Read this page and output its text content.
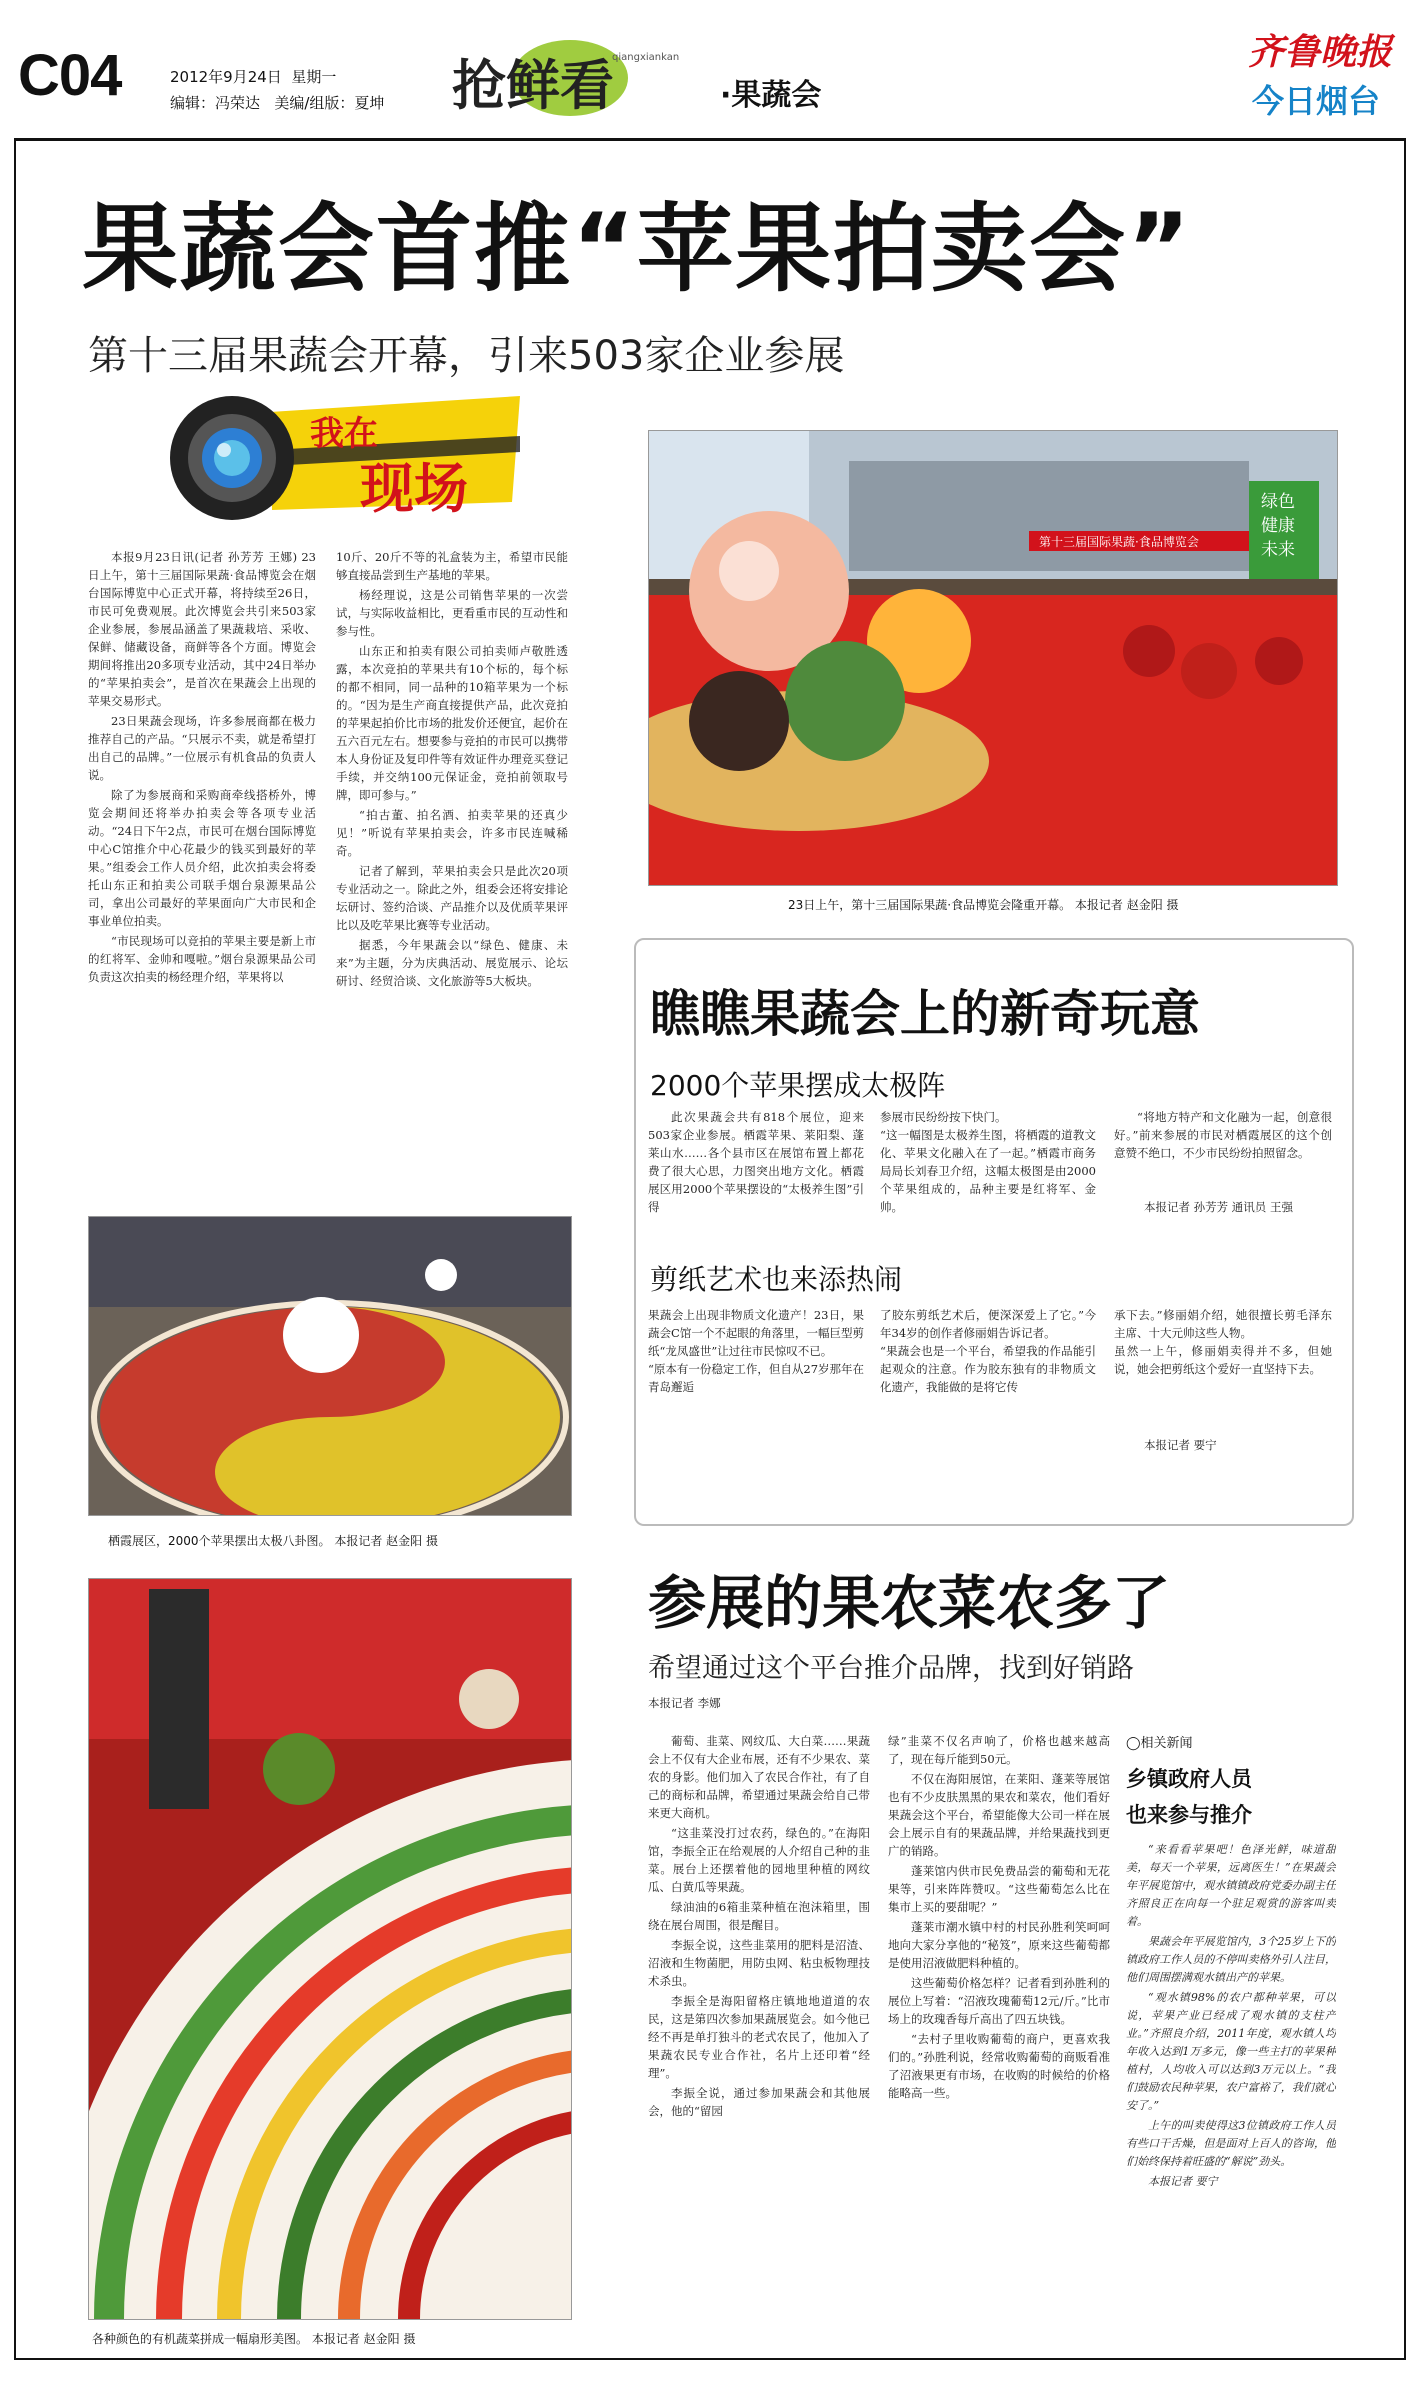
C04	2012年9月24日 星期一
编辑：冯荣达 美编/组版：夏坤 抢鲜看
qiangxiankan
·果蔬会
齐鲁晚报
今日烟台
果蔬会首推“苹果拍卖会”
第十三届果蔬会开幕，引来503家企业参展
我在
现场

本报9月23日讯(记者 孙芳芳 王娜) 23日上午，第十三届国际果蔬·食品博览会在烟台国际博览中心正式开幕，将持续至26日，市民可免费观展。此次博览会共引来503家企业参展，参展品涵盖了果蔬栽培、采收、保鲜、储藏设备，商鲜等各个方面。博览会期间将推出20多项专业活动，其中24日举办的“苹果拍卖会”，是首次在果蔬会上出现的苹果交易形式。

23日果蔬会现场，许多参展商都在极力推荐自己的产品。“只展示不卖，就是希望打出自己的品牌。”一位展示有机食品的负责人说。

除了为参展商和采购商牵线搭桥外，博览会期间还将举办拍卖会等各项专业活动。“24日下午2点，市民可在烟台国际博览中心C馆推介中心花最少的钱买到最好的苹果。”组委会工作人员介绍，此次拍卖会将委托山东正和拍卖公司联手烟台泉源果品公司，拿出公司最好的苹果面向广大市民和企事业单位拍卖。

“市民现场可以竞拍的苹果主要是新上市的红将军、金帅和嘎啦。”烟台泉源果品公司负责这次拍卖的杨经理介绍，苹果将以

10斤、20斤不等的礼盒装为主，希望市民能够直接品尝到生产基地的苹果。

杨经理说，这是公司销售苹果的一次尝试，与实际收益相比，更看重市民的互动性和参与性。

山东正和拍卖有限公司拍卖师卢敬胜透露，本次竞拍的苹果共有10个标的，每个标的都不相同，同一品种的10箱苹果为一个标的。“因为是生产商直接提供产品，此次竞拍的苹果起拍价比市场的批发价还便宜，起价在五六百元左右。想要参与竞拍的市民可以携带本人身份证及复印件等有效证件办理竞买登记手续，并交纳100元保证金，竞拍前领取号牌，即可参与。”

“拍古董、拍名酒、拍卖苹果的还真少见！”听说有苹果拍卖会，许多市民连喊稀奇。

记者了解到，苹果拍卖会只是此次20项专业活动之一。除此之外，组委会还将安排论坛研讨、签约洽谈、产品推介以及优质苹果评比以及吃苹果比赛等专业活动。

据悉，今年果蔬会以“绿色、健康、未来”为主题，分为庆典活动、展览展示、论坛研讨、经贸洽谈、文化旅游等5大板块。

第十三届国际果蔬·食品博览会
绿色
健康
未来
23日上午，第十三届国际果蔬·食品博览会隆重开幕。 本报记者 赵金阳 摄
瞧瞧果蔬会上的新奇玩意
2000个苹果摆成太极阵
此次果蔬会共有818个展位，迎来503家企业参展。栖霞苹果、莱阳梨、蓬莱山水……各个县市区在展馆布置上都花费了很大心思，力图突出地方文化。栖霞展区用2000个苹果摆设的“太极养生图”引得
参展市民纷纷按下快门。
“这一幅图是太极养生图，将栖霞的道教文化、苹果文化融入在了一起。”栖霞市商务局局长刘春卫介绍，这幅太极图是由2000个苹果组成的，品种主要是红将军、金帅。
“将地方特产和文化融为一起，创意很好。”前来参展的市民对栖霞展区的这个创意赞不绝口，不少市民纷纷拍照留念。
本报记者 孙芳芳 通讯员 王强
剪纸艺术也来添热闹
果蔬会上出现非物质文化遗产！23日，果蔬会C馆一个不起眼的角落里，一幅巨型剪纸“龙凤盛世”让过往市民惊叹不已。
“原本有一份稳定工作，但自从27岁那年在青岛邂逅
了胶东剪纸艺术后，便深深爱上了它。”今年34岁的创作者修丽娟告诉记者。
“果蔬会也是一个平台，希望我的作品能引起观众的注意。作为胶东独有的非物质文化遗产，我能做的是将它传
承下去。”修丽娟介绍，她很擅长剪毛泽东主席、十大元帅这些人物。
虽然一上午，修丽娟卖得并不多，但她说，她会把剪纸这个爱好一直坚持下去。
本报记者 要宁
栖霞展区，2000个苹果摆出太极八卦图。 本报记者 赵金阳 摄
各种颜色的有机蔬菜拼成一幅扇形美图。 本报记者 赵金阳 摄
参展的果农菜农多了
希望通过这个平台推介品牌，找到好销路
本报记者 李娜

葡萄、韭菜、网纹瓜、大白菜……果蔬会上不仅有大企业布展，还有不少果农、菜农的身影。他们加入了农民合作社，有了自己的商标和品牌，希望通过果蔬会给自己带来更大商机。

“这韭菜没打过农药，绿色的。”在海阳馆，李振全正在给观展的人介绍自己种的韭菜。展台上还摆着他的园地里种植的网纹瓜、白黄瓜等果蔬。

绿油油的6箱韭菜种植在泡沫箱里，围绕在展台周围，很是醒目。

李振全说，这些韭菜用的肥料是沼渣、沼液和生物菌肥，用防虫网、粘虫板物理技术杀虫。

李振全是海阳留格庄镇地地道道的农民，这是第四次参加果蔬展览会。如今他已经不再是单打独斗的老式农民了，他加入了果蔬农民专业合作社，名片上还印着“经理”。

李振全说，通过参加果蔬会和其他展会，他的“留园

绿”韭菜不仅名声响了，价格也越来越高了，现在每斤能到50元。

不仅在海阳展馆，在莱阳、蓬莱等展馆也有不少皮肤黑黑的果农和菜农，他们看好果蔬会这个平台，希望能像大公司一样在展会上展示自有的果蔬品牌，并给果蔬找到更广的销路。

蓬莱馆内供市民免费品尝的葡萄和无花果等，引来阵阵赞叹。“这些葡萄怎么比在集市上买的要甜呢？”

蓬莱市潮水镇中村的村民孙胜利笑呵呵地向大家分享他的“秘笈”，原来这些葡萄都是使用沼液做肥料种植的。

这些葡萄价格怎样？记者看到孙胜利的展位上写着：“沼液玫瑰葡萄12元/斤。”比市场上的玫瑰香每斤高出了四五块钱。

“去村子里收购葡萄的商户，更喜欢我们的。”孙胜利说，经常收购葡萄的商贩看准了沼液果更有市场，在收购的时候给的价格能略高一些。

◯相关新闻
乡镇政府人员
也来参与推介

“来看看苹果吧！色泽光鲜，味道甜美，每天一个苹果，远离医生！”在果蔬会年平展览馆中，观水镇镇政府党委办副主任齐照良正在向每一个驻足观赏的游客叫卖着。

果蔬会年平展览馆内，3个25岁上下的镇政府工作人员的不停叫卖格外引人注目，他们周围摆满观水镇出产的苹果。

“观水镇98%的农户都种苹果，可以说，苹果产业已经成了观水镇的支柱产业。”齐照良介绍，2011年度，观水镇人均年收入达到1万多元，像一些主打的苹果种植村，人均收入可以达到3万元以上。“我们鼓励农民种苹果，农户富裕了，我们就心安了。”

上午的叫卖使得这3位镇政府工作人员有些口干舌燥，但是面对上百人的咨询，他们始终保持着旺盛的“解说”劲头。

本报记者 要宁
